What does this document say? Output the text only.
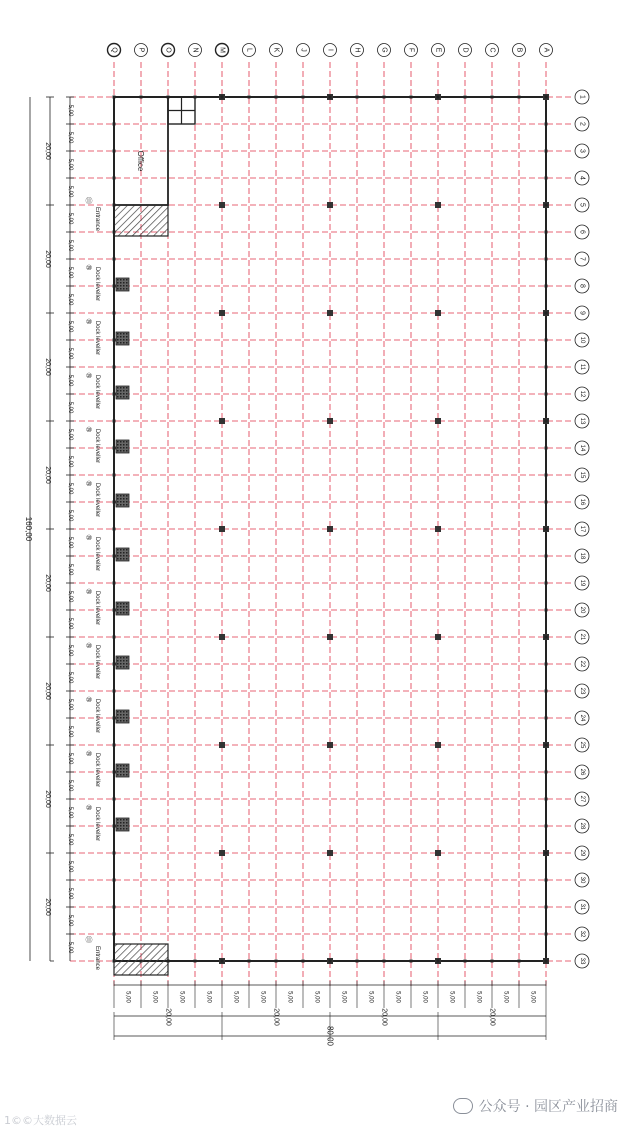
Dock leveller
⑩
Dock leveller
⑩
Dock leveller
⑩
Dock leveller
⑩
Dock leveller
⑩
Dock leveller
⑩
Dock leveller
⑩
Dock leveller
⑩
Dock leveller
⑩
Dock leveller
⑩
Dock leveller
⑩
Office
Entrance
⑪
Entrance
⑪
Q	P	O	N	M	L	K	J	I	H	G	F	E	D	C	B	A
1
2
3
4
5
6
7
8
9
10
11
12
13
14
15
16
17
18
19
20
21
22
23
24
25
26
27
28
29
30
31
32
33
160,00
20,00
20,00
20,00
20,00
20,00
20,00
20,00
20,00
5,00
5,00
5,00
5,00
5,00
5,00
5,00
5,00
5,00
5,00
5,00
5,00
5,00
5,00
5,00
5,00
5,00
5,00
5,00
5,00
5,00
5,00
5,00
5,00
5,00
5,00
5,00
5,00
5,00
5,00
5,00
5,00
5,00	5,00	5,00	5,00	5,00	5,00	5,00	5,00	5,00	5,00	5,00	5,00	5,00	5,00	5,00	5,00
20,00	20,00	20,00	20,00
80,00
公众号 · 园区产业招商
1©©大数据云
